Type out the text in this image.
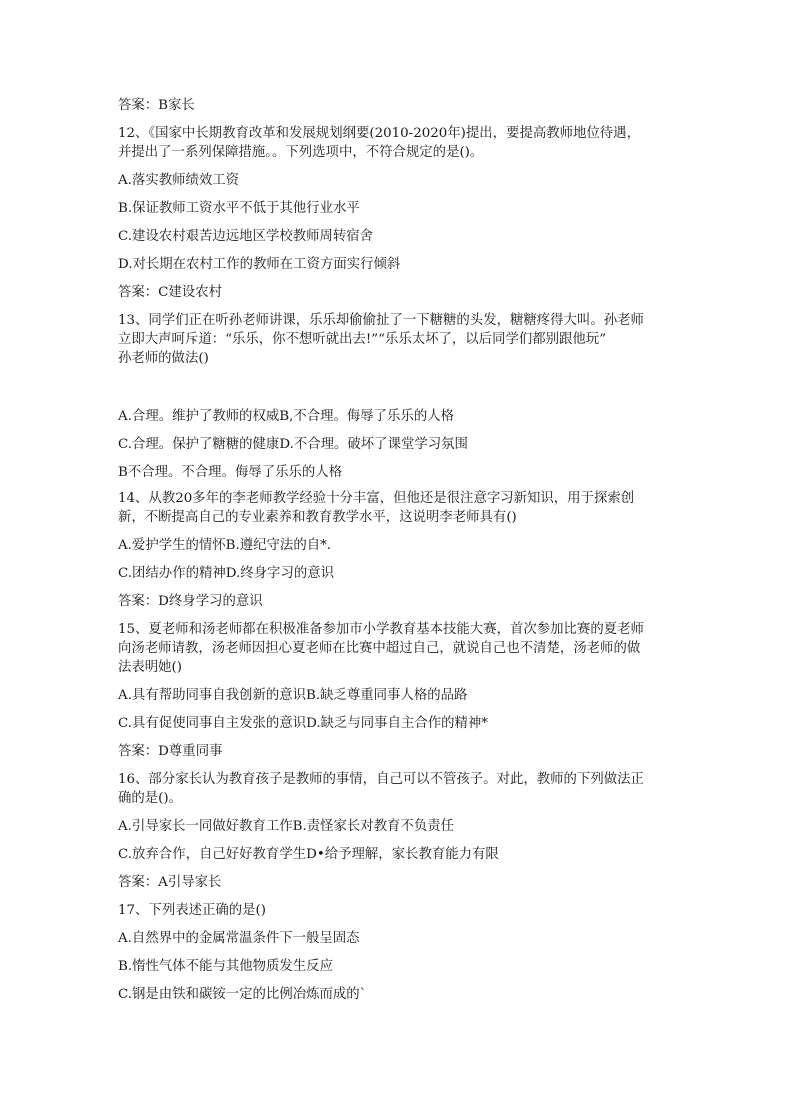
答案：B家长

12、《国家中长期教育改革和发展规划纲要(2010-2020年)提出，要提高教师地位待遇，

并提出了一系列保障措施。。下列选项中，不符合规定的是()。

A.落实教师绩效工资

B.保证教师工资水平不低于其他行业水平

C.建设农村艰苦边远地区学校教师周转宿舍

D.对长期在农村工作的教师在工资方面实行倾斜

答案：C建设农村

13、同学们正在听孙老师讲课，乐乐却偷偷扯了一下糖糖的头发，糖糖疼得大叫。孙老师

立即大声呵斥道：“乐乐，你不想听就出去!”“乐乐太坏了，以后同学们都别跟他玩”

孙老师的做法()

A.合理。维护了教师的权威B,不合理。侮辱了乐乐的人格

C.合理。保护了糖糖的健康D.不合理。破坏了课堂学习氛围

B不合理。不合理。侮辱了乐乐的人格

14、从教20多年的李老师教学经验十分丰富，但他还是很注意字习新知识，用于探索创

新，不断提高自己的专业素养和教育教学水平，这说明李老师具有()

A.爱护学生的情怀B.遵纪守法的自*.

C.团结办作的精神D.终身字习的意识

答案：D终身学习的意识

15、夏老师和汤老师都在积极准备参加市小学教育基本技能大赛，首次参加比赛的夏老师

向汤老师请教，汤老师因担心夏老师在比赛中超过自己，就说自己也不清楚，汤老师的做

法表明她()

A.具有帮助同事自我创新的意识B.缺乏尊重同事人格的品路

C.具有促使同事自主发张的意识D.缺乏与同事自主合作的精神*

答案：D尊重同事

16、部分家长认为教育孩子是教师的事情，自己可以不管孩子。对此，教师的下列做法正

确的是()。

A.引导家长一同做好教育工作B.责怪家长对教育不负责任

C.放弃合作，自己好好教育学生D•给予理解，家长教育能力有限

答案：A引导家长

17、下列表述正确的是()

A.自然界中的金属常温条件下一般呈固态

B.惰性气体不能与其他物质发生反应

C.钢是由铁和碳铵一定的比例冶炼而成的`
